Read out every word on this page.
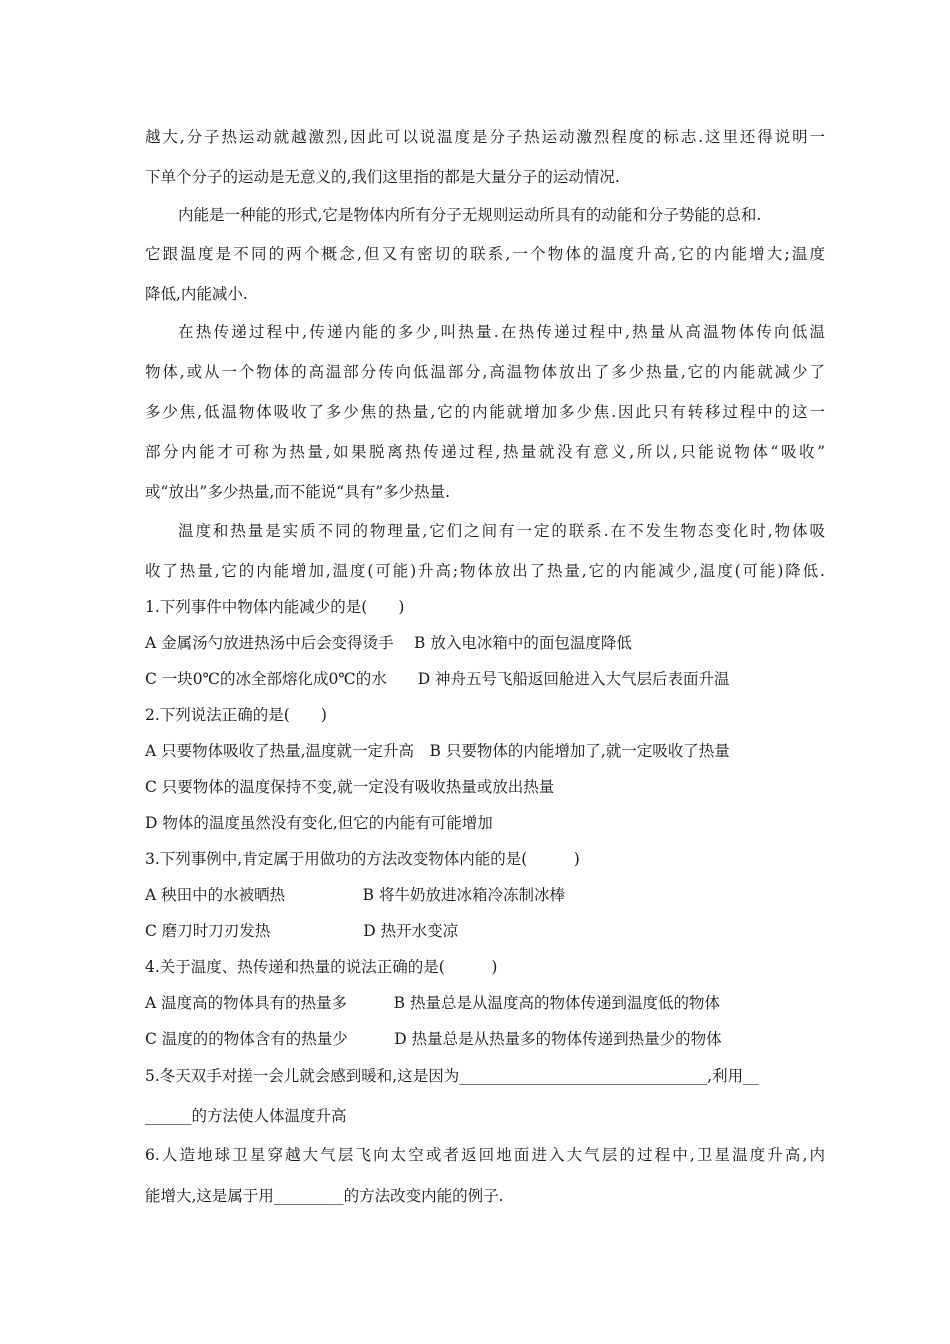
越大,分子热运动就越激烈,因此可以说温度是分子热运动激烈程度的标志.这里还得说明一
下单个分子的运动是无意义的,我们这里指的都是大量分子的运动情况.
内能是一种能的形式,它是物体内所有分子无规则运动所具有的动能和分子势能的总和.
它跟温度是不同的两个概念,但又有密切的联系,一个物体的温度升高,它的内能增大;温度
降低,内能减小.
在热传递过程中,传递内能的多少,叫热量.在热传递过程中,热量从高温物体传向低温
物体,或从一个物体的高温部分传向低温部分,高温物体放出了多少热量,它的内能就减少了
多少焦,低温物体吸收了多少焦的热量,它的内能就增加多少焦.因此只有转移过程中的这一
部分内能才可称为热量,如果脱离热传递过程,热量就没有意义,所以,只能说物体“吸收”
或“放出”多少热量,而不能说“具有”多少热量.
温度和热量是实质不同的物理量,它们之间有一定的联系.在不发生物态变化时,物体吸
收了热量,它的内能增加,温度(可能)升高;物体放出了热量,它的内能减少,温度(可能)降低.
1.下列事件中物体内能减少的是(　　)
A 金属汤勺放进热汤中后会变得烫手　 B 放入电冰箱中的面包温度降低
C 一块0℃的冰全部熔化成0℃的水　　D 神舟五号飞船返回舱进入大气层后表面升温
2.下列说法正确的是(　　)
A 只要物体吸收了热量,温度就一定升高　B 只要物体的内能增加了,就一定吸收了热量
C 只要物体的温度保持不变,就一定没有吸收热量或放出热量
D 物体的温度虽然没有变化,但它的内能有可能增加
3.下列事例中,肯定属于用做功的方法改变物体内能的是(　　　)
A 秧田中的水被晒热　　　　　B 将牛奶放进冰箱冷冻制冰棒
C 磨刀时刀刃发热　　　　　　D 热开水变凉
4.关于温度、热传递和热量的说法正确的是(　　　)
A 温度高的物体具有的热量多　　　B 热量总是从温度高的物体传递到温度低的物体
C 温度的的物体含有的热量少　　　D 热量总是从热量多的物体传递到热量少的物体
5.冬天双手对搓一会儿就会感到暖和,这是因为________________________________,利用__
______的方法使人体温度升高
6.人造地球卫星穿越大气层飞向太空或者返回地面进入大气层的过程中,卫星温度升高,内
能增大,这是属于用_________的方法改变内能的例子.
